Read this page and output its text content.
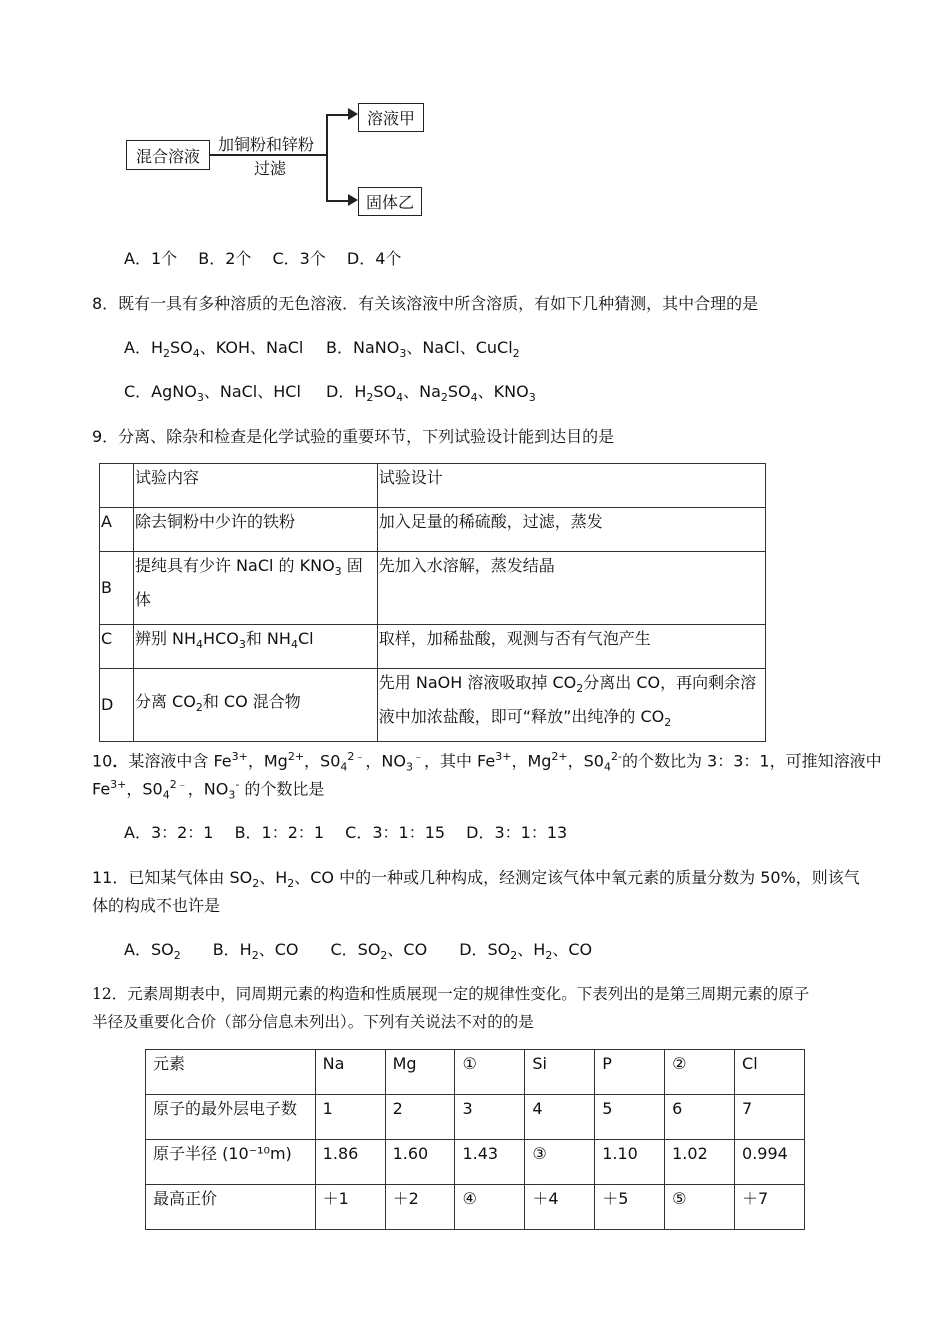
混合溶液
加铜粉和锌粉
过滤
溶液甲
固体乙
A．1个　 B．2个　 C．3个　 D．4个
8．既有一具有多种溶质的无色溶液．有关该溶液中所含溶质，有如下几种猜测，其中合理的是
A．$H_2SO_4$、KOH、NaCl B．NaNO$_3$、NaCl、CuCl$_2$
C．AgNO$_3$、NaCl、HCl D．$H_2SO_4$、$Na_2SO_4$、$KNO_3$
9．分离、除杂和检查是化学试验的重要环节，下列试验设计能到达目的是
	试验内容	试验设计
A	除去铜粉中少许的铁粉	加入足量的稀硫酸，过滤，蒸发
B	提纯具有少许 NaCl 的 $KNO_3$ 固体	先加入水溶解，蒸发结晶
C	辨别 $NH_4HCO_3$和 $NH_4Cl$	取样，加稀盐酸，观测与否有气泡产生
D	分离 $CO_2$和 CO 混合物	先用 NaOH 溶液吸取掉 $CO_2$分离出 CO，再向剩余溶液中加浓盐酸，即可“释放”出纯净的 $CO_2$
10．某溶液中含 $Fe^{3+}$，$Mg^{2+}$，$S0_4^{2﹣}$，$NO_3^﹣$，其中 $Fe^{3+}$，$Mg^{2+}$，$S0_4^{2-}$的个数比为 3：3：1，可推知溶液中
$Fe^{3+}$，$S0_4^{2﹣}$，$NO_3^-$ 的个数比是
A．3：2：1　 B．1：2：1　 C．3：1：15　 D．3：1：13
11．已知某气体由 $SO_2$、$H_2$、CO 中的一种或几种构成，经测定该气体中氧元素的质量分数为 50%，则该气
体的构成不也许是
A．$SO_2$　　B．$H_2$、CO　　C．$SO_2$、CO　　D．$SO_2$、$H_2$、CO
12．元素周期表中，同周期元素的构造和性质展现一定的规律性变化。下表列出的是第三周期元素的原子
半径及重要化合价（部分信息未列出）。下列有关说法不对的的是
元素	Na	Mg	①	Si	P	②	Cl
原子的最外层电子数	1	2	3	4	5	6	7
原子半径 (10⁻¹⁰m)	1.86	1.60	1.43	③	1.10	1.02	0.994
最高正价	＋1	＋2	④	＋4	＋5	⑤	＋7
